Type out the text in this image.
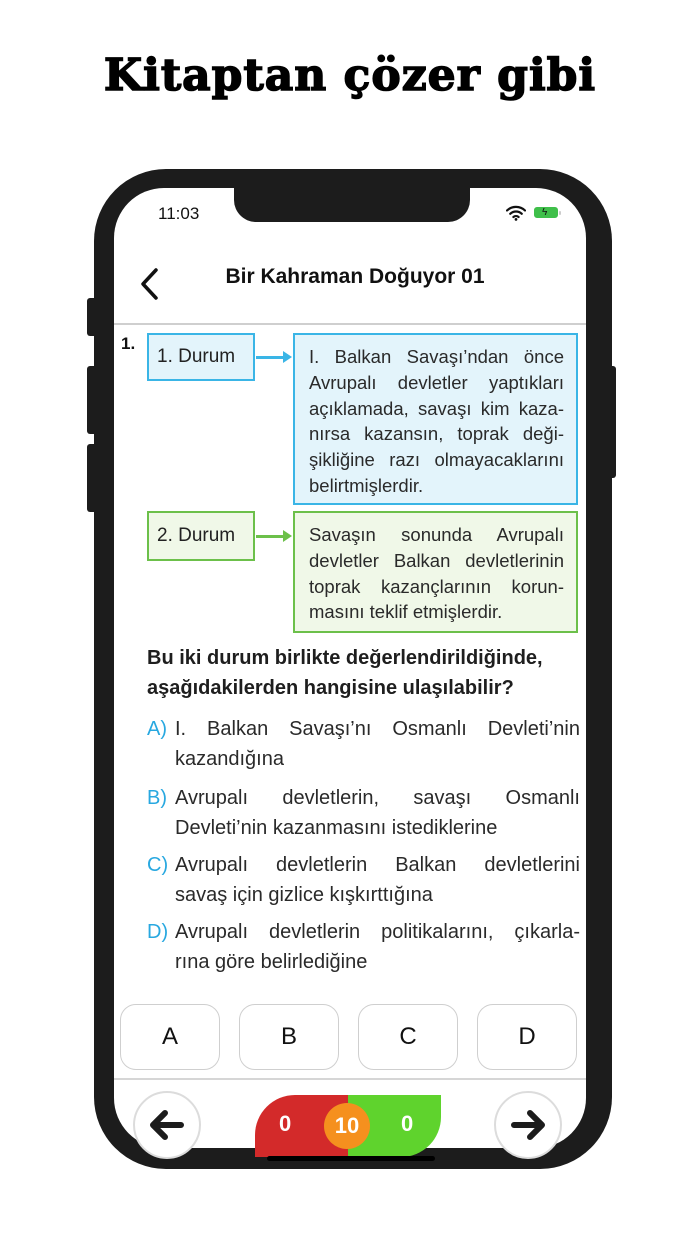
Kitaptan çözer gibi
11:03	ϟ
Bir Kahraman Doğuyor 01
1.
1. Durum	I. Balkan Savaşı’ndan önce
Avrupalı devletler yaptıkları
açıklamada, savaşı kim kaza-
nırsa kazansın, toprak deği-
şikliğine razı olmayacaklarını
belirtmişlerdir.
2. Durum	Savaşın sonunda Avrupalı
devletler Balkan devletlerinin
toprak kazançlarının korun-
masını teklif etmişlerdir.
Bu iki durum birlikte değerlendirildiğinde, aşağıdakilerden hangisine ulaşılabilir?
A) I. Balkan Savaşı’nı Osmanlı Devleti’nin
kazandığına
B) Avrupalı devletlerin, savaşı Osmanlı
Devleti’nin kazanmasını istediklerine
C) Avrupalı devletlerin Balkan devletlerini
savaş için gizlice kışkırttığına
D) Avrupalı devletlerin politikalarını, çıkarla-
rına göre belirlediğine
A	B	C	D
0	0
10
